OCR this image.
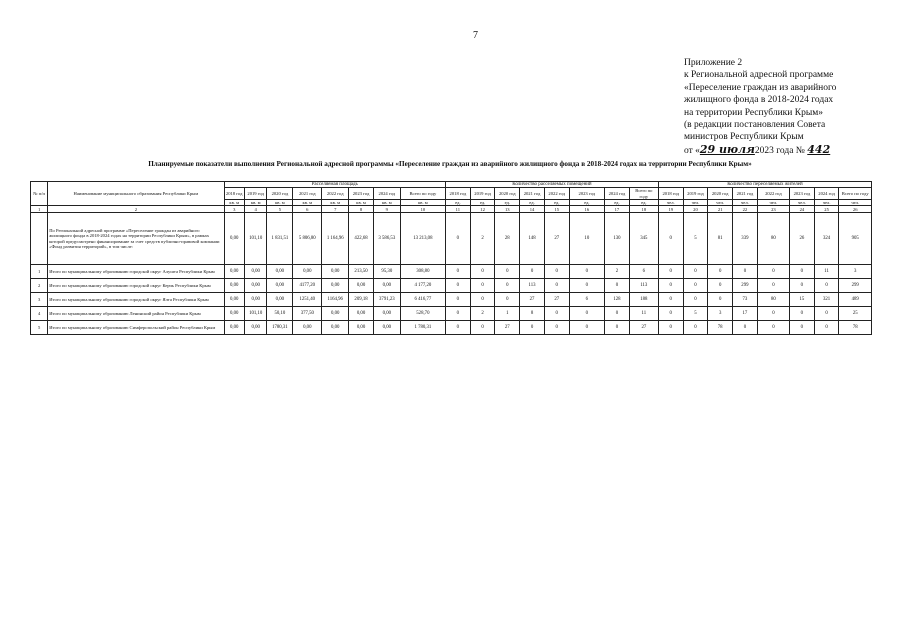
7
Приложение 2
к Региональной адресной программе
«Переселение граждан из аварийного
жилищного фонда в 2018-2024 годах
на территории Республики Крым»
(в редакции постановления Совета
министров Республики Крым
от «29 июля2023 года № 442
Планируемые показатели выполнения Региональной адресной программы «Переселение граждан из аварийного жилищного фонда в 2018-2024 годах на территории Республики Крым»
№ п/п	Наименование муниципального образования Республики Крым	Расселяемая площадь								Количество расселяемых помещений								Количество переселяемых жителей							
		2018 год	2019 год	2020 год	2021 год	2022 год	2023 год	2024 год	Всего по году	2018 год	2019 год	2020 год	2021 год	2022 год	2023 год	2024 год	Всего по году	2018 год	2019 год	2020 год	2021 год	2022 год	2023 год	2024 год	Всего по году
		кв. м	кв. м	кв. м	кв. м	кв. м	кв. м	кв. м	кв. м	ед.	ед.	ед.	ед.	ед.	ед.	ед.	ед.	чел.	чел.	чел.	чел.	чел.	чел.	чел.	чел.
1	2	3	4	5	6	7	8	9	10	11	12	13	14	15	16	17	18	19	20	21	22	23	24	25	26
	По Региональной адресной программе «Переселение граждан из аварийного жилищного фонда в 2018-2024 годах на территории Республики Крым», в рамках которой предусмотрено финансирование за счет средств публично-правовой компании «Фонд развития территорий», в том числе:	0,00	101,10	1 831,51	5 806,80	1 164,96	422,68	3 586,53	13 213,08	0	2	28	148	27	10	130	345	0	5	81	339	80	26	324	905
1	Итого по муниципальному образованию городской округ Алушта Республики Крым	0,00	0,00	0,00	0,00	0,00	213,50	95,30	308,80	0	0	0	0	0	0	2	6	0	0	0	0	0	0	11	3
2	Итого по муниципальному образованию городской округ Керчь Республики Крым	0,00	0,00	0,00	4177,20	0,00	0,00	0,00	4 177,20	0	0	0	113	0	0	0	113	0	0	0	299	0	0	0	299
3	Итого по муниципальному образованию городской округ Ялта Республики Крым	0,00	0,00	0,00	1251,40	1164,96	209,18	3791,23	6 416,77	0	0	0	27	27	6	128	188	0	0	0	73	80	15	321	489
4	Итого по муниципальному образованию Ленинский район Республики Крым	0,00	101,10	50,10	377,50	0,00	0,00	0,00	528,70	0	2	1	8	0	0	0	11	0	5	3	17	0	0	0	25
5	Итого по муниципальному образованию Симферопольский район Республики Крым	0,00	0,00	1780,31	0,00	0,00	0,00	0,00	1 780,31	0	0	27	0	0	0	0	27	0	0	78	0	0	0	0	78
